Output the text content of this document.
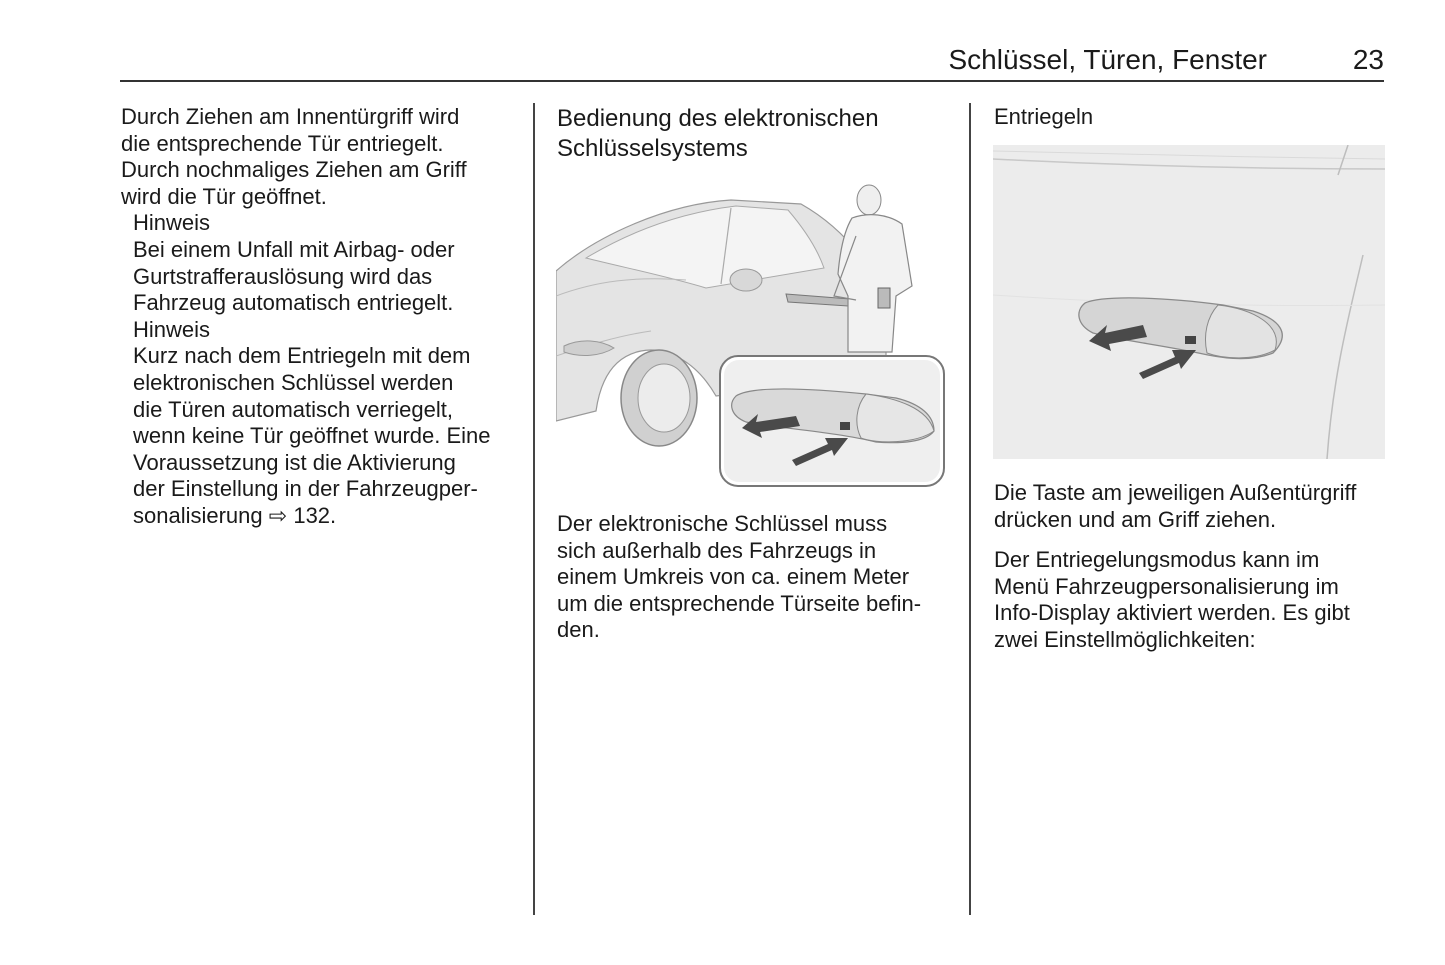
Schlüssel, Türen, Fenster	23

Durch Ziehen am Innentürgriff wird

die entsprechende Tür entriegelt.

Durch nochmaliges Ziehen am Griff

wird die Tür geöffnet.

Hinweis

Bei einem Unfall mit Airbag- oder

Gurtstrafferauslösung wird das

Fahrzeug automatisch entriegelt.

Hinweis

Kurz nach dem Entriegeln mit dem

elektronischen Schlüssel werden

die Türen automatisch verriegelt,

wenn keine Tür geöffnet wurde. Eine

Voraussetzung ist die Aktivierung

der Einstellung in der Fahrzeugper-

sonalisierung ⇨ 132.

Bedienung des elektronischen

Schlüsselsystems

Der elektronische Schlüssel muss

sich außerhalb des Fahrzeugs in

einem Umkreis von ca. einem Meter

um die entsprechende Türseite befin-

den.

Entriegeln

Die Taste am jeweiligen Außentürgriff

drücken und am Griff ziehen.

Der Entriegelungsmodus kann im

Menü Fahrzeugpersonalisierung im

Info-Display aktiviert werden. Es gibt

zwei Einstellmöglichkeiten:
